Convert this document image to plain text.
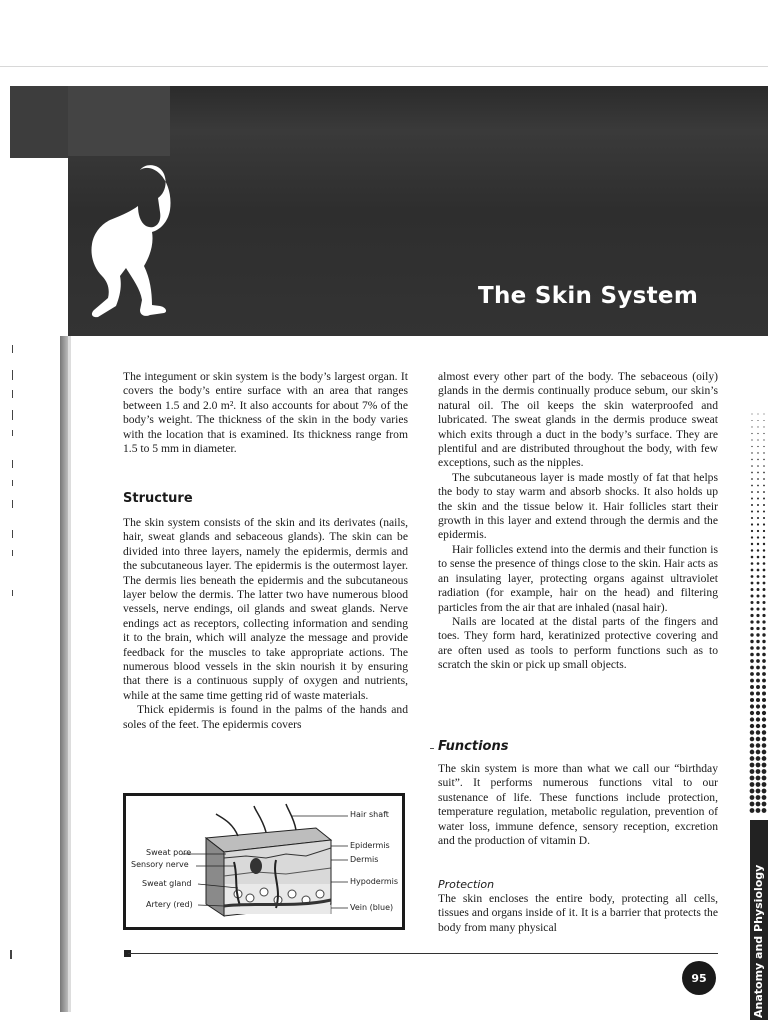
The Skin System

The integument or skin system is the body’s largest organ. It covers the body’s entire surface with an area that ranges between 1.5 and 2.0 m². It also accounts for about 7% of the body’s weight. The thickness of the skin in the body varies with the location that is examined. Its thickness range from 1.5 to 5 mm in diameter.

Structure

The skin system consists of the skin and its derivates (nails, hair, sweat glands and sebaceous glands). The skin can be divided into three layers, namely the epidermis, dermis and the subcutaneous layer. The epidermis is the outermost layer. The dermis lies beneath the epidermis and the subcutaneous layer below the dermis. The latter two have numerous blood vessels, nerve endings, oil glands and sweat glands. Nerve endings act as receptors, collecting information and sending it to the brain, which will analyze the message and provide feedback for the muscles to take appropriate actions. The numerous blood vessels in the skin nourish it by ensuring that there is a continuous supply of oxygen and nutrients, while at the same time getting rid of waste materials.

Thick epidermis is found in the palms of the hands and soles of the feet. The epidermis covers

Hair shaft
Epidermis
Dermis
Hypodermis
Vein (blue)
Sweat pore
Sensory nerve
Sweat gland
Artery (red)

almost every other part of the body. The sebaceous (oily) glands in the dermis continually produce sebum, our skin’s natural oil. The oil keeps the skin waterproofed and lubricated. The sweat glands in the dermis produce sweat which exits through a duct in the body’s surface. They are plentiful and are distributed throughout the body, with few exceptions, such as the nipples.

The subcutaneous layer is made mostly of fat that helps the body to stay warm and absorb shocks. It also holds up the skin and the tissue below it. Hair follicles start their growth in this layer and extend through the dermis and the epidermis.

Hair follicles extend into the dermis and their function is to sense the presence of things close to the skin. Hair acts as an insulating layer, protecting organs against ultraviolet radiation (for example, hair on the head) and filtering particles from the air that are inhaled (nasal hair).

Nails are located at the distal parts of the fingers and toes. They form hard, keratinized protective covering and are often used as tools to perform functions such as to scratch the skin or pick up small objects.

Functions

The skin system is more than what we call our “birthday suit”. It performs numerous functions vital to our sustenance of life. These functions include protection, temperature regulation, metabolic regulation, prevention of water loss, immune defence, sensory reception, excretion and the production of vitamin D.

Protection

The skin encloses the entire body, protecting all cells, tissues and organs inside of it. It is a barrier that protects the body from many physical	Anatomy and Physiology
95
